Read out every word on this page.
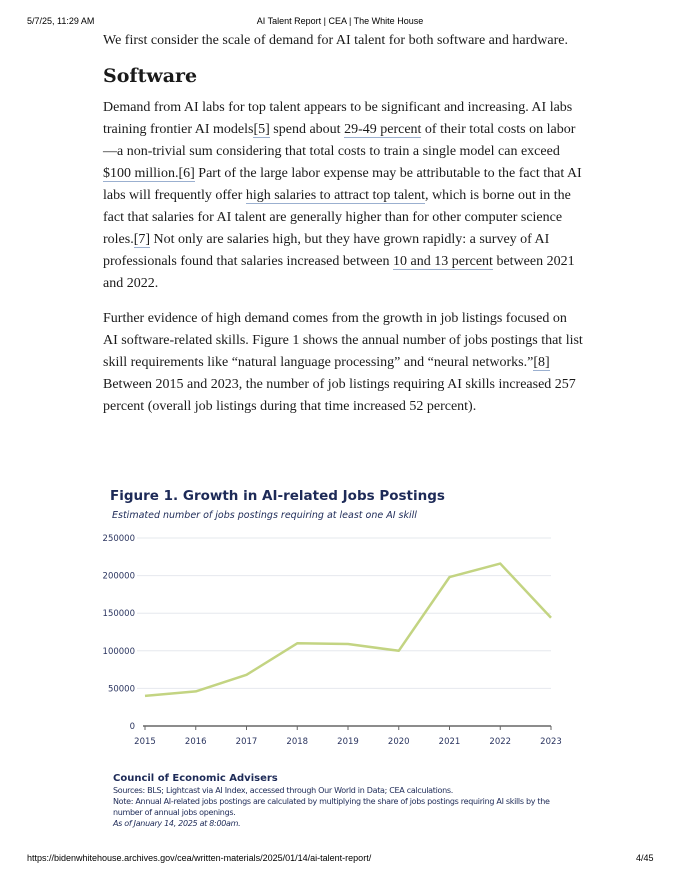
5/7/25, 11:29 AM	AI Talent Report | CEA | The White House

We first consider the scale of demand for AI talent for both software and hardware.

Software

Demand from AI labs for top talent appears to be significant and increasing. AI labs training frontier AI models[5] spend about 29-49 percent of their total costs on labor—a non-trivial sum considering that total costs to train a single model can exceed $100 million.[6] Part of the large labor expense may be attributable to the fact that AI labs will frequently offer high salaries to attract top talent, which is borne out in the fact that salaries for AI talent are generally higher than for other computer science roles.[7] Not only are salaries high, but they have grown rapidly: a survey of AI professionals found that salaries increased between 10 and 13 percent between 2021 and 2022.

Further evidence of high demand comes from the growth in job listings focused on AI software-related skills. Figure 1 shows the annual number of jobs postings that list skill requirements like “natural language processing” and “neural networks.”[8] Between 2015 and 2023, the number of job listings requiring AI skills increased 257 percent (overall job listings during that time increased 52 percent).

Figure 1. Growth in AI-related Jobs Postings
Estimated number of jobs postings requiring at least one AI skill
0
50000
100000
150000
200000
250000
2015	2016	2017	2018	2019	2020	2021	2022	2023
Council of Economic Advisers
Sources: BLS; Lightcast via AI Index, accessed through Our World in Data; CEA calculations.
Note: Annual AI-related jobs postings are calculated by multiplying the share of jobs postings requiring AI skills by the number of annual jobs openings.
As of January 14, 2025 at 8:00am.
https://bidenwhitehouse.archives.gov/cea/written-materials/2025/01/14/ai-talent-report/	4/45
